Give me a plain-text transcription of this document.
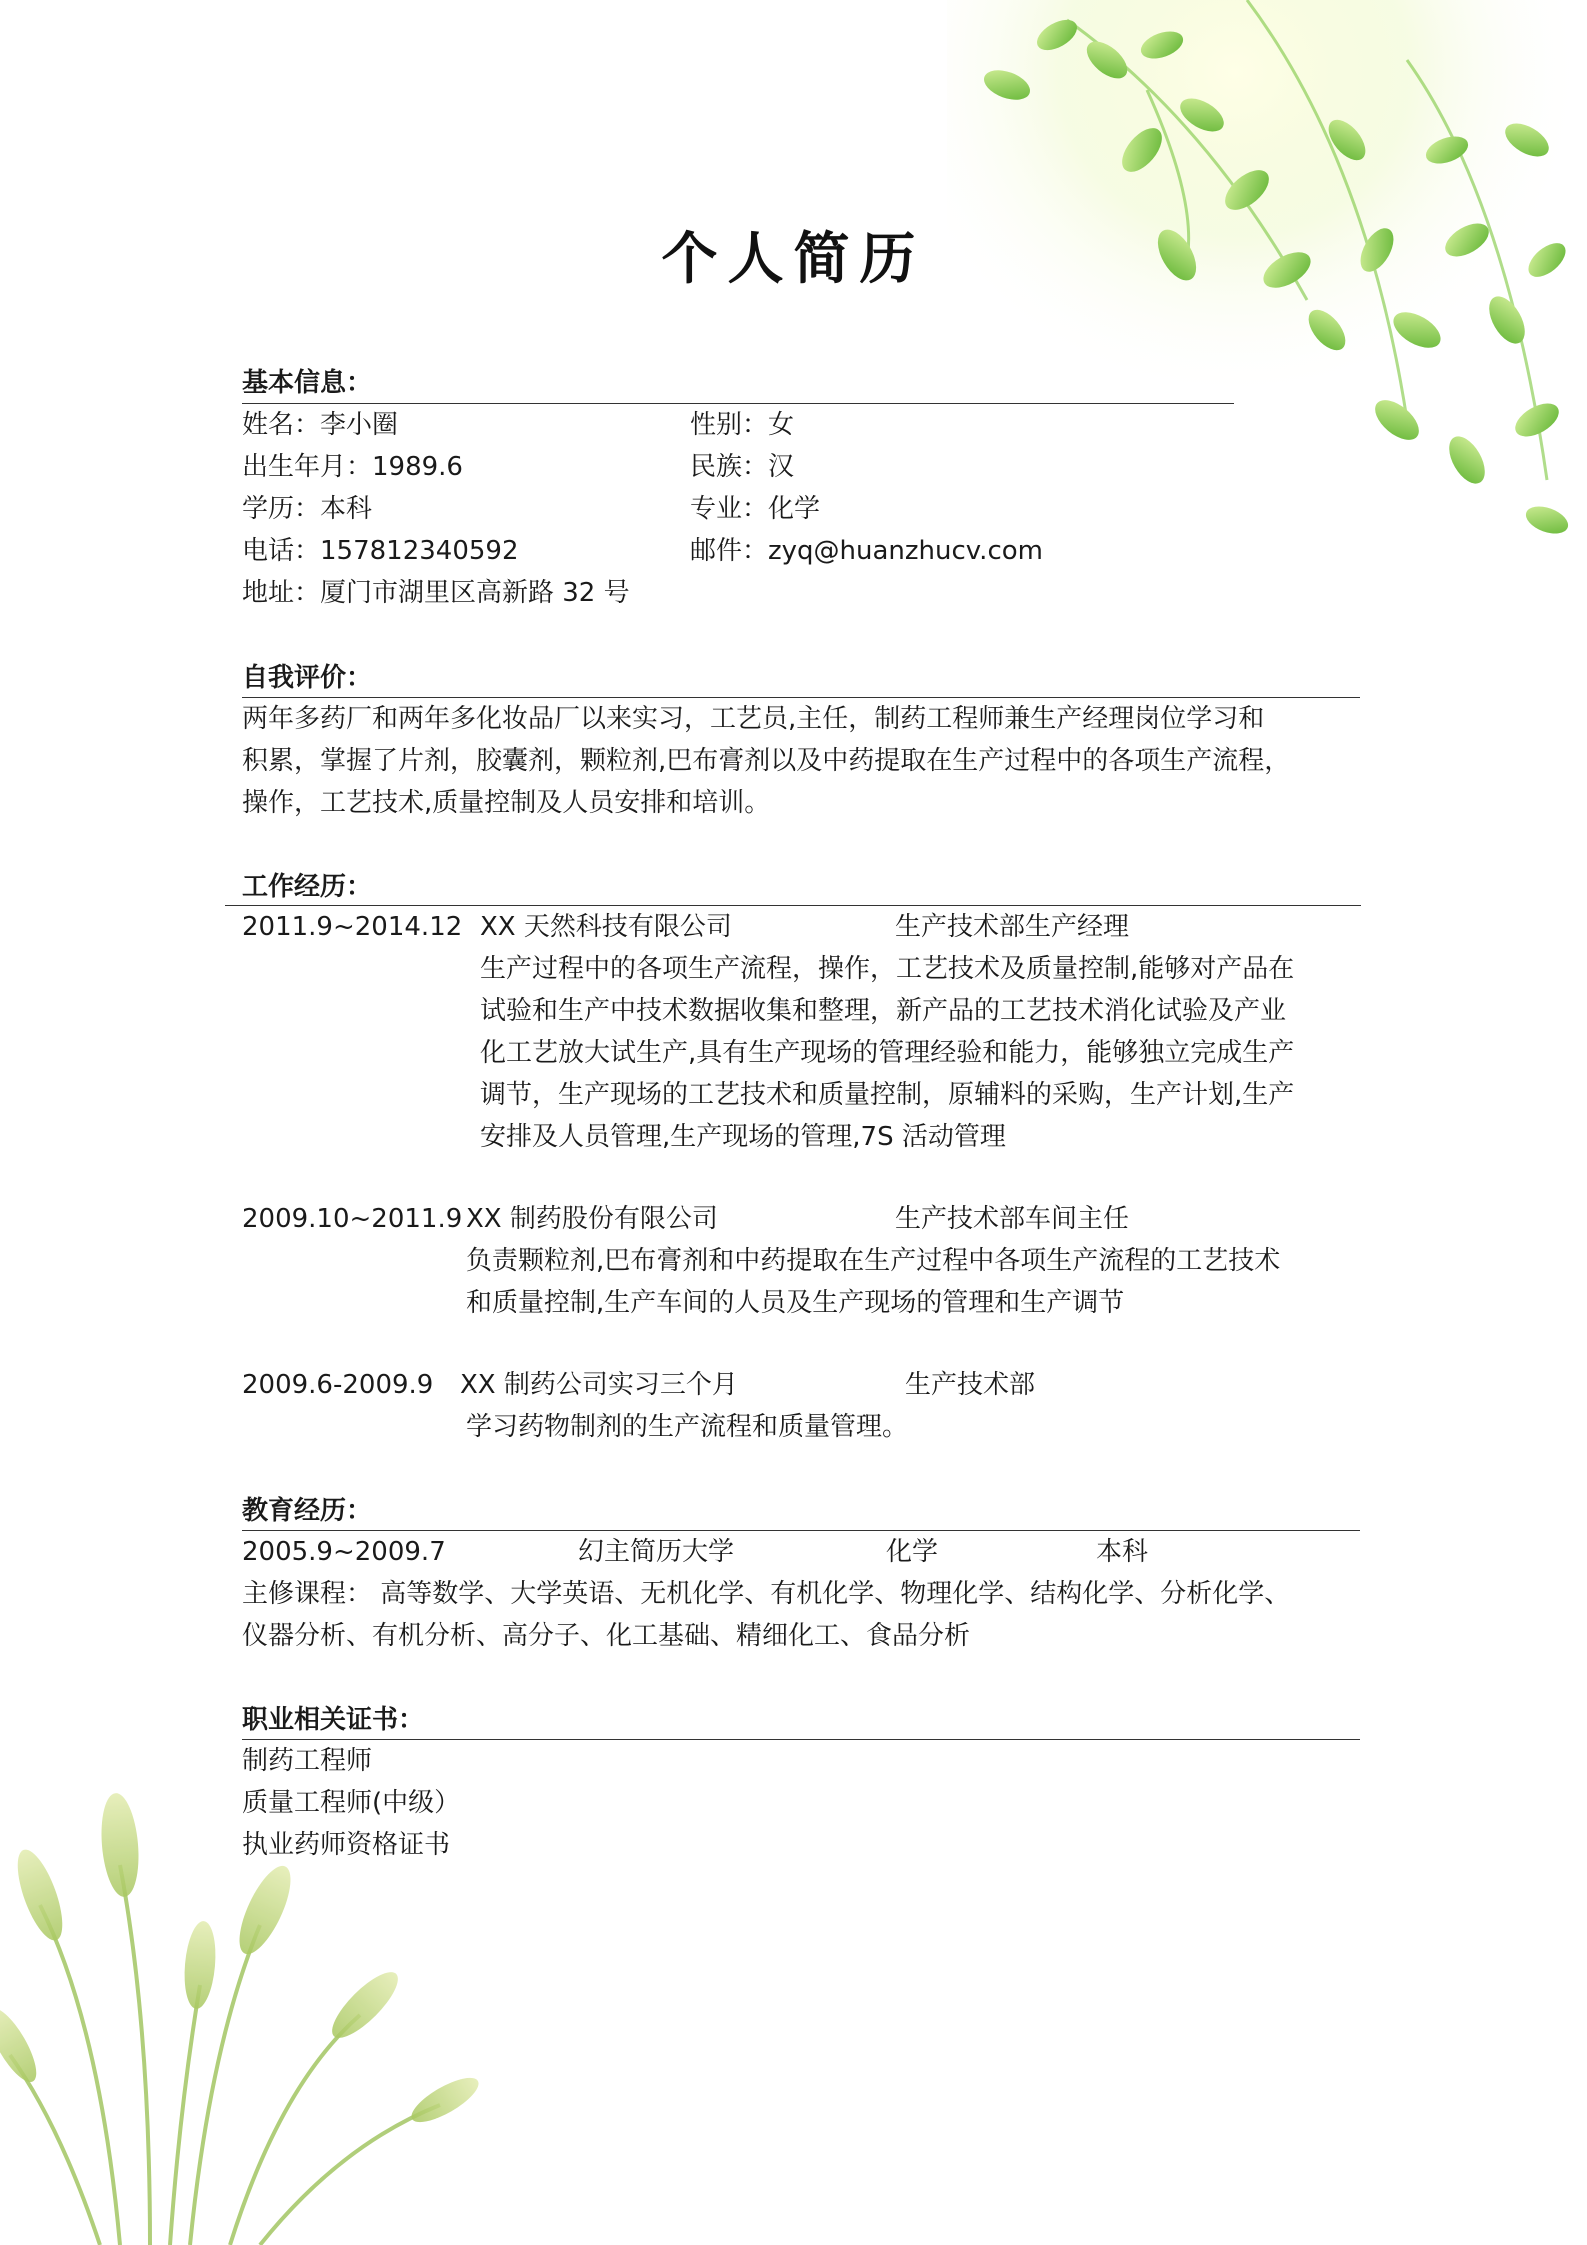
个人简历
基本信息：
姓名：李小圈	性别：女
出生年月：1989.6	民族：汉
学历：本科	专业：化学
电话：157812340592	邮件：zyq@huanzhucv.com
地址：厦门市湖里区高新路 32 号
自我评价：
两年多药厂和两年多化妆品厂以来实习，工艺员,主任，制药工程师兼生产经理岗位学习和
积累，掌握了片剂，胶囊剂，颗粒剂,巴布膏剂以及中药提取在生产过程中的各项生产流程，
操作，工艺技术,质量控制及人员安排和培训。
工作经历：
2011.9~2014.12 XX 天然科技有限公司	生产技术部生产经理
生产过程中的各项生产流程，操作，工艺技术及质量控制,能够对产品在
试验和生产中技术数据收集和整理，新产品的工艺技术消化试验及产业
化工艺放大试生产,具有生产现场的管理经验和能力，能够独立完成生产
调节，生产现场的工艺技术和质量控制，原辅料的采购，生产计划,生产
安排及人员管理,生产现场的管理,7S 活动管理
2009.10~2011.9 XX 制药股份有限公司	生产技术部车间主任
负责颗粒剂,巴布膏剂和中药提取在生产过程中各项生产流程的工艺技术
和质量控制,生产车间的人员及生产现场的管理和生产调节
2009.6-2009.9 XX 制药公司实习三个月	生产技术部
学习药物制剂的生产流程和质量管理。
教育经历：
2005.9~2009.7	幻主简历大学	化学	本科
主修课程： 高等数学、大学英语、无机化学、有机化学、物理化学、结构化学、分析化学、
仪器分析、有机分析、高分子、化工基础、精细化工、食品分析
职业相关证书：
制药工程师
质量工程师(中级）
执业药师资格证书
